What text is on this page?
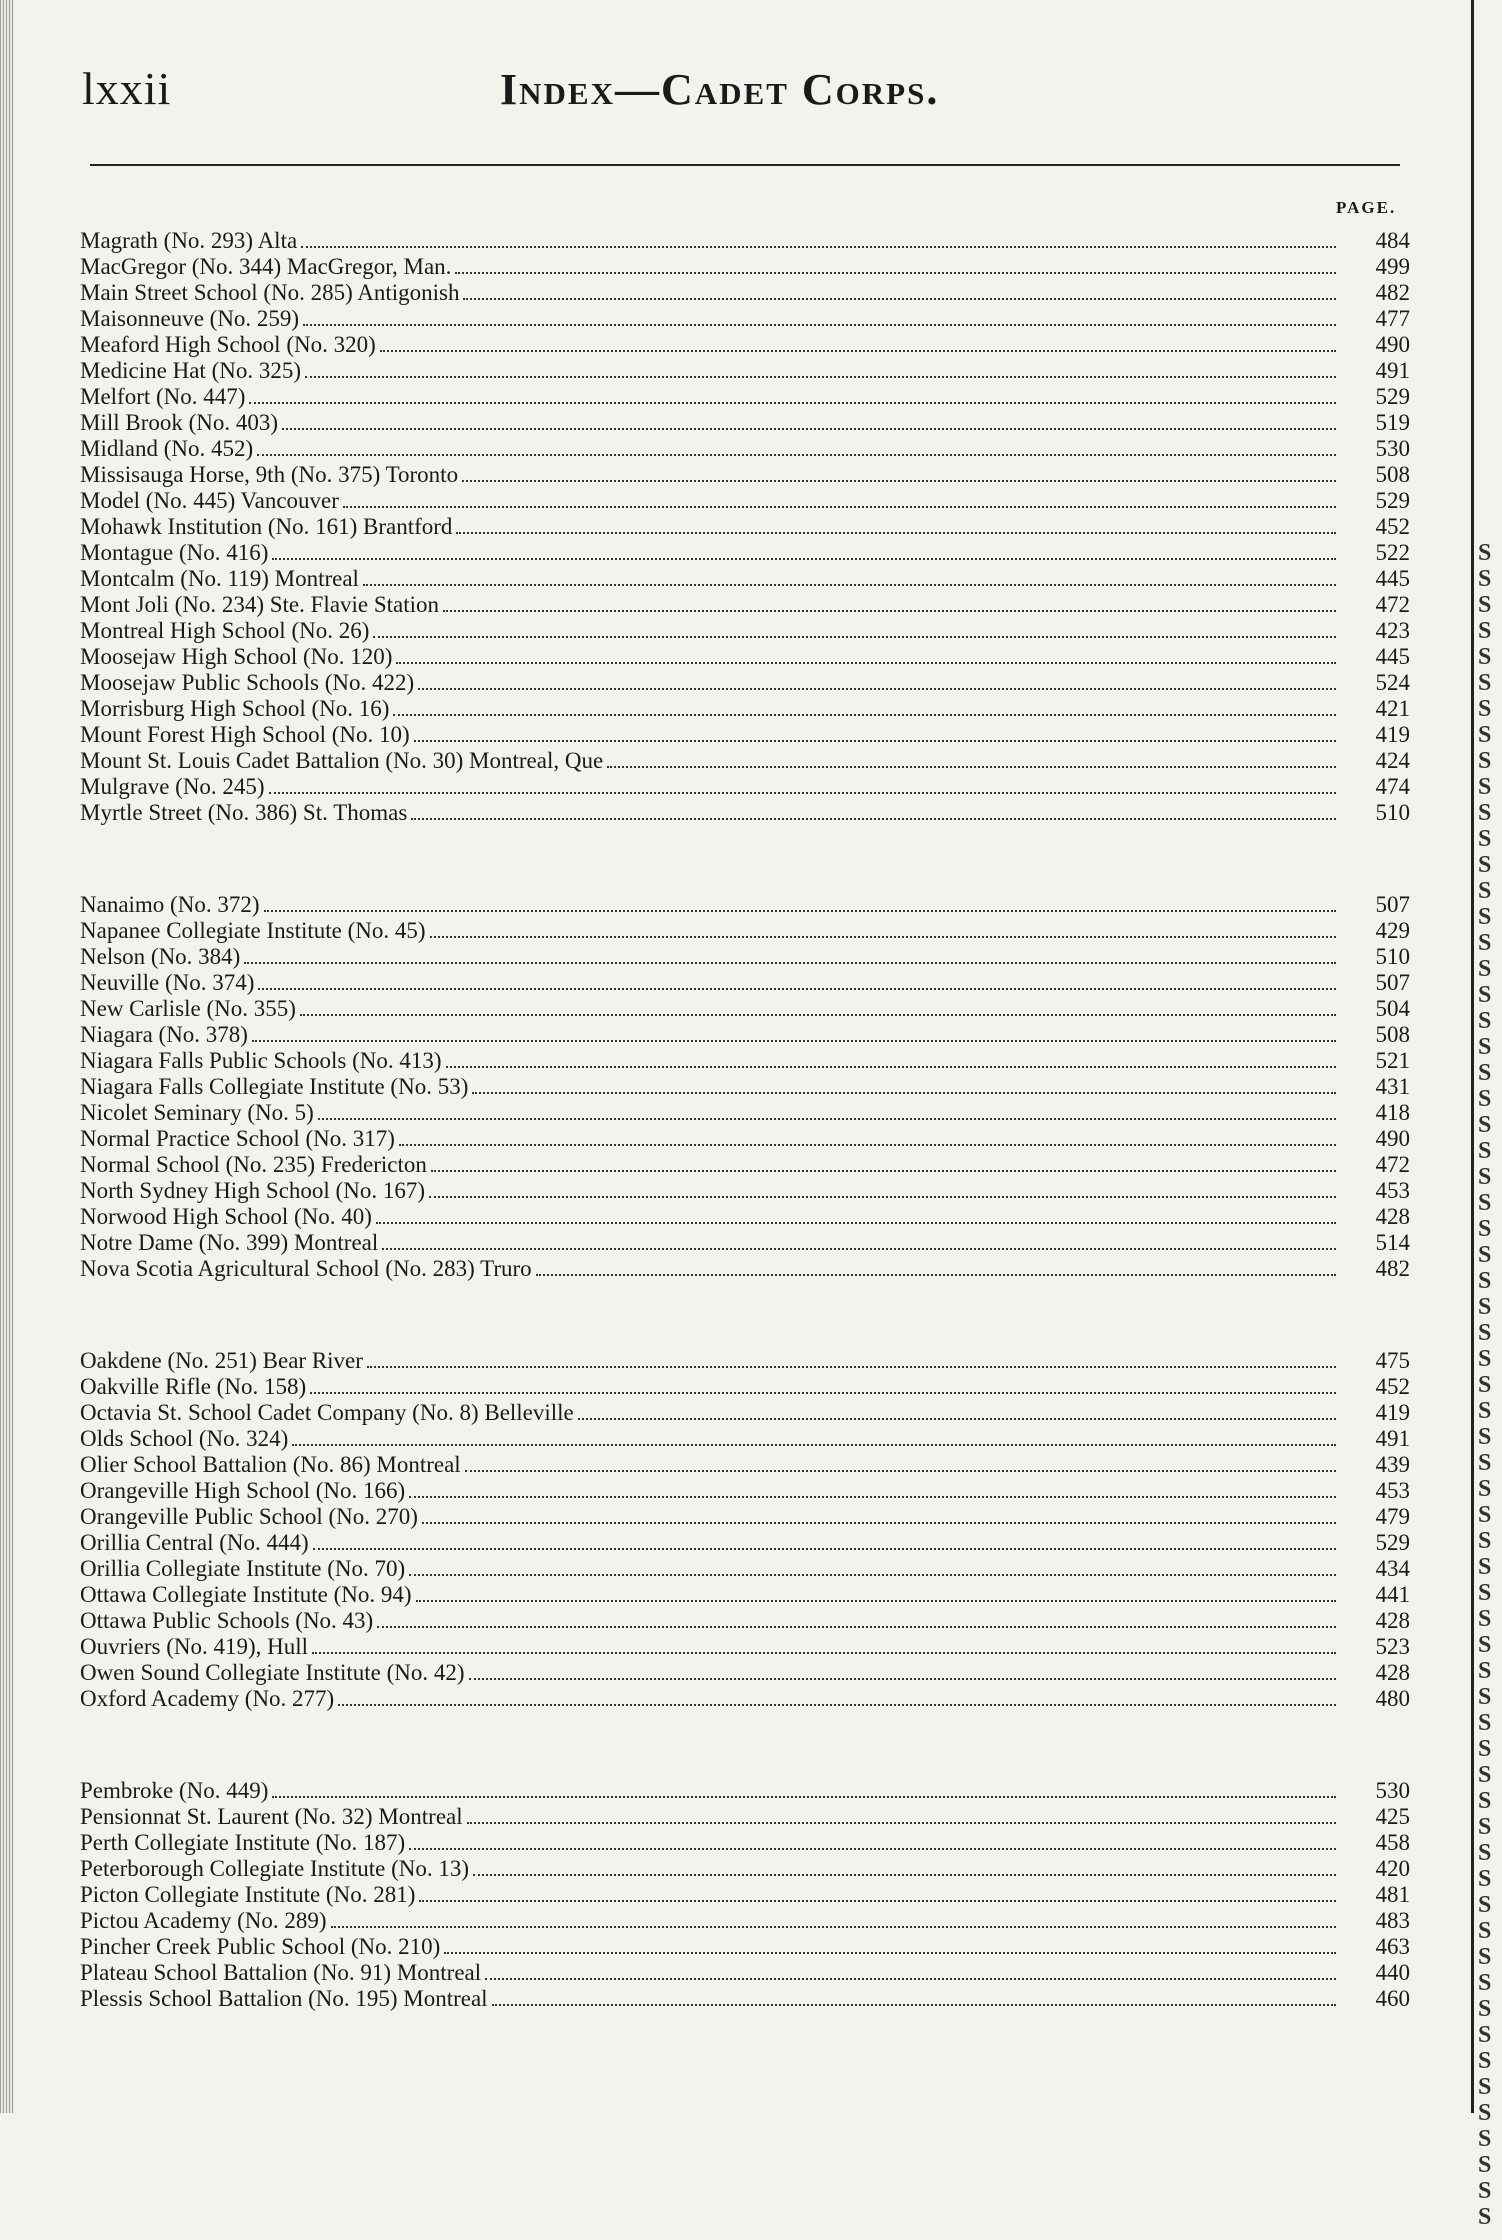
S
S
S
S
S
S
S
S
S
S
S
S
S
S
S
S
S
S
S
S
S
S
S
S
S
S
S
S
S
S
S
S
S
S
S
S
S
S
S
S
S
S
S
S
S
S
S
S
S
S
S
S
S
S
S
S
S
S
S
S
S
S
S
S
S
lxxii	Index—Cadet Corps.
PAGE.
Magrath (No. 293) Alta	484
MacGregor (No. 344) MacGregor, Man.	499
Main Street School (No. 285) Antigonish	482
Maisonneuve (No. 259)	477
Meaford High School (No. 320)	490
Medicine Hat (No. 325)	491
Melfort (No. 447)	529
Mill Brook (No. 403)	519
Midland (No. 452)	530
Missisauga Horse, 9th (No. 375) Toronto	508
Model (No. 445) Vancouver	529
Mohawk Institution (No. 161) Brantford	452
Montague (No. 416)	522
Montcalm (No. 119) Montreal	445
Mont Joli (No. 234) Ste. Flavie Station	472
Montreal High School (No. 26)	423
Moosejaw High School (No. 120)	445
Moosejaw Public Schools (No. 422)	524
Morrisburg High School (No. 16)	421
Mount Forest High School (No. 10)	419
Mount St. Louis Cadet Battalion (No. 30) Montreal, Que	424
Mulgrave (No. 245)	474
Myrtle Street (No. 386) St. Thomas	510
Nanaimo (No. 372)	507
Napanee Collegiate Institute (No. 45)	429
Nelson (No. 384)	510
Neuville (No. 374)	507
New Carlisle (No. 355)	504
Niagara (No. 378)	508
Niagara Falls Public Schools (No. 413)	521
Niagara Falls Collegiate Institute (No. 53)	431
Nicolet Seminary (No. 5)	418
Normal Practice School (No. 317)	490
Normal School (No. 235) Fredericton	472
North Sydney High School (No. 167)	453
Norwood High School (No. 40)	428
Notre Dame (No. 399) Montreal	514
Nova Scotia Agricultural School (No. 283) Truro	482
Oakdene (No. 251) Bear River	475
Oakville Rifle (No. 158)	452
Octavia St. School Cadet Company (No. 8) Belleville	419
Olds School (No. 324)	491
Olier School Battalion (No. 86) Montreal	439
Orangeville High School (No. 166)	453
Orangeville Public School (No. 270)	479
Orillia Central (No. 444)	529
Orillia Collegiate Institute (No. 70)	434
Ottawa Collegiate Institute (No. 94)	441
Ottawa Public Schools (No. 43)	428
Ouvriers (No. 419), Hull	523
Owen Sound Collegiate Institute (No. 42)	428
Oxford Academy (No. 277)	480
Pembroke (No. 449)	530
Pensionnat St. Laurent (No. 32) Montreal	425
Perth Collegiate Institute (No. 187)	458
Peterborough Collegiate Institute (No. 13)	420
Picton Collegiate Institute (No. 281)	481
Pictou Academy (No. 289)	483
Pincher Creek Public School (No. 210)	463
Plateau School Battalion (No. 91) Montreal	440
Plessis School Battalion (No. 195) Montreal	460
